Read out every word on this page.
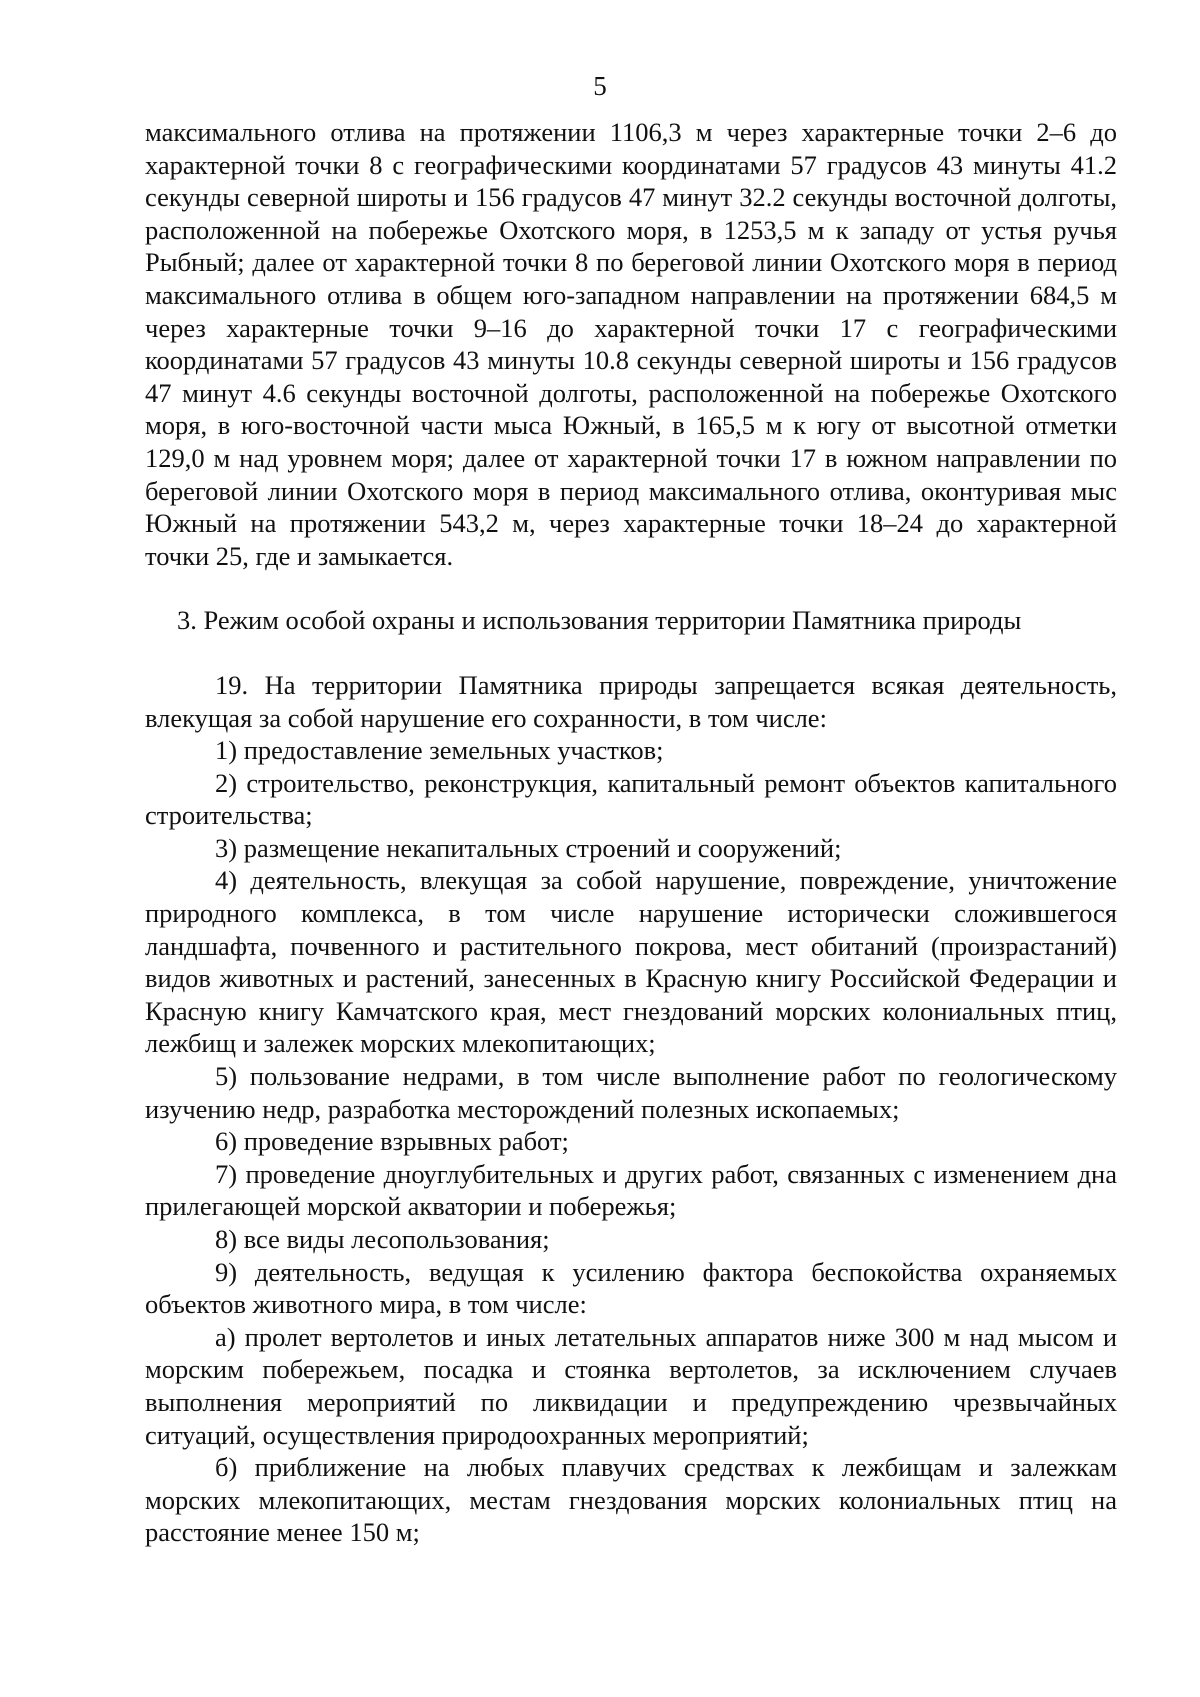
5

максимального отлива на протяжении 1106,3 м через характерные точки 2–6 до характерной точки 8 с географическими координатами 57 градусов 43 минуты 41.2 секунды северной широты и 156 градусов 47 минут 32.2 секунды восточной долготы, расположенной на побережье Охотского моря, в 1253,5 м к западу от устья ручья Рыбный; далее от характерной точки 8 по береговой линии Охотского моря в период максимального отлива в общем юго-западном направлении на протяжении 684,5 м через характерные точки 9–16 до характерной точки 17 с географическими координатами 57 градусов 43 минуты 10.8 секунды северной широты и 156 градусов 47 минут 4.6 секунды восточной долготы, расположенной на побережье Охотского моря, в юго-восточной части мыса Южный, в 165,5 м к югу от высотной отметки 129,0 м над уровнем моря; далее от характерной точки 17 в южном направлении по береговой линии Охотского моря в период максимального отлива, оконтуривая мыс Южный на протяжении 543,2 м, через характерные точки 18–24 до характерной точки 25, где и замыкается.

3. Режим особой охраны и использования территории Памятника природы

19. На территории Памятника природы запрещается всякая деятельность, влекущая за собой нарушение его сохранности, в том числе:

1) предоставление земельных участков;

2) строительство, реконструкция, капитальный ремонт объектов капитального строительства;

3) размещение некапитальных строений и сооружений;

4) деятельность, влекущая за собой нарушение, повреждение, уничтожение природного комплекса, в том числе нарушение исторически сложившегося ландшафта, почвенного и растительного покрова, мест обитаний (произрастаний) видов животных и растений, занесенных в Красную книгу Российской Федерации и Красную книгу Камчатского края, мест гнездований морских колониальных птиц, лежбищ и залежек морских млекопитающих;

5) пользование недрами, в том числе выполнение работ по геологическому изучению недр, разработка месторождений полезных ископаемых;

6) проведение взрывных работ;

7) проведение дноуглубительных и других работ, связанных с изменением дна прилегающей морской акватории и побережья;

8) все виды лесопользования;

9) деятельность, ведущая к усилению фактора беспокойства охраняемых объектов животного мира, в том числе:

а) пролет вертолетов и иных летательных аппаратов ниже 300 м над мысом и морским побережьем, посадка и стоянка вертолетов, за исключением случаев выполнения мероприятий по ликвидации и предупреждению чрезвычайных ситуаций, осуществления природоохранных мероприятий;

б) приближение на любых плавучих средствах к лежбищам и залежкам морских млекопитающих, местам гнездования морских колониальных птиц на расстояние менее 150 м;
